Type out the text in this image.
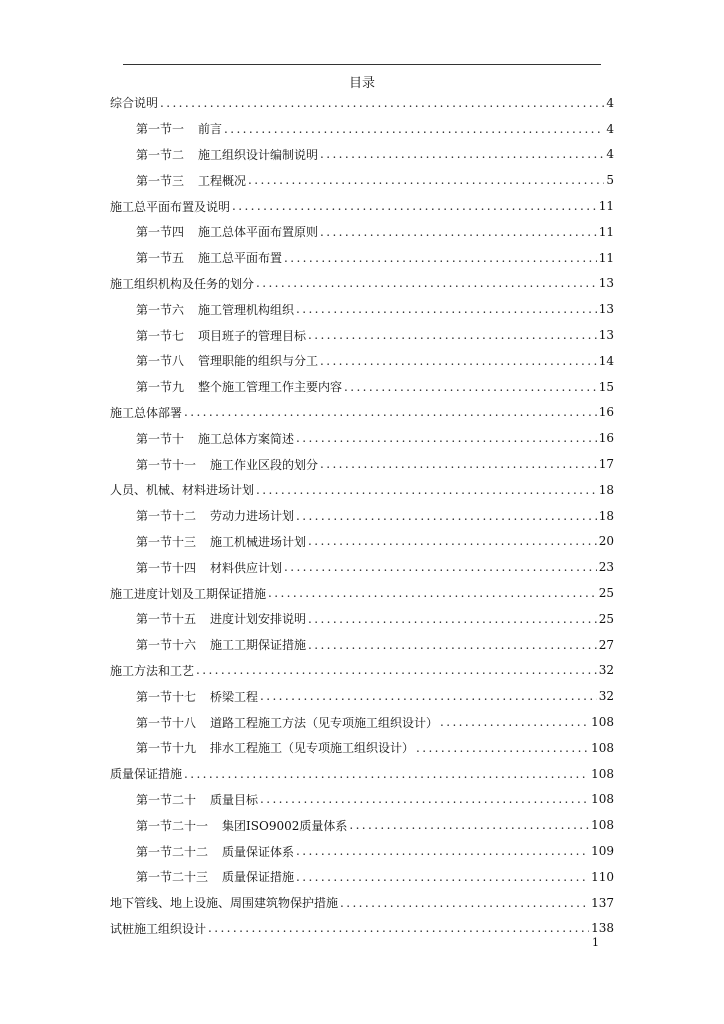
目录
综合说明 .....	4
第一节一 前言 .....	4
第一节二 施工组织设计编制说明 .....	4
第一节三 工程概况 .....	5
施工总平面布置及说明 .....	11
第一节四 施工总体平面布置原则 .....	11
第一节五 施工总平面布置 .....	11
施工组织机构及任务的划分 .....	13
第一节六 施工管理机构组织 .....	13
第一节七 项目班子的管理目标 .....	13
第一节八 管理职能的组织与分工 .....	14
第一节九 整个施工管理工作主要内容 .....	15
施工总体部署 .....	16
第一节十 施工总体方案简述 .....	16
第一节十一 施工作业区段的划分 .....	17
人员、机械、材料进场计划 .....	18
第一节十二 劳动力进场计划 .....	18
第一节十三 施工机械进场计划 .....	20
第一节十四 材料供应计划 .....	23
施工进度计划及工期保证措施 .....	25
第一节十五 进度计划安排说明 .....	25
第一节十六 施工工期保证措施 .....	27
施工方法和工艺 .....	32
第一节十七 桥梁工程 .....	32
第一节十八 道路工程施工方法（见专项施工组织设计） .....	108
第一节十九 排水工程施工（见专项施工组织设计） .....	108
质量保证措施 .....	108
第一节二十 质量目标 .....	108
第一节二十一 集团ISO9002质量体系 .....	108
第一节二十二 质量保证体系 .....	109
第一节二十三 质量保证措施 .....	110
地下管线、地上设施、周围建筑物保护措施 .....	137
试桩施工组织设计 .....	138
1
